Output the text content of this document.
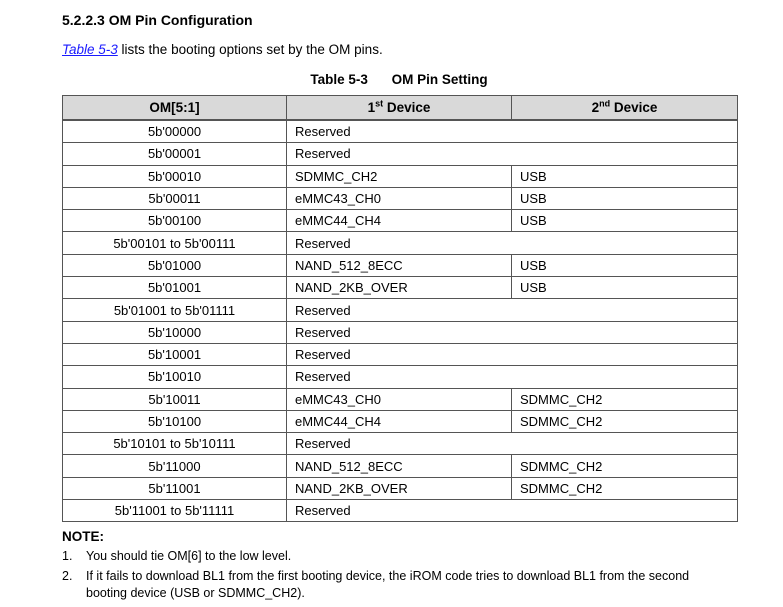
5.2.2.3 OM Pin Configuration
Table 5-3 lists the booting options set by the OM pins.
Table 5-3 OM Pin Setting
OM[5:1]	1st Device	2nd Device
5b'00000	Reserved	
5b'00001	Reserved	
5b'00010	SDMMC_CH2	USB
5b'00011	eMMC43_CH0	USB
5b'00100	eMMC44_CH4	USB
5b'00101 to 5b'00111	Reserved	
5b'01000	NAND_512_8ECC	USB
5b'01001	NAND_2KB_OVER	USB
5b'01001 to 5b'01111	Reserved	
5b'10000	Reserved	
5b'10001	Reserved	
5b'10010	Reserved	
5b'10011	eMMC43_CH0	SDMMC_CH2
5b'10100	eMMC44_CH4	SDMMC_CH2
5b'10101 to 5b'10111	Reserved	
5b'11000	NAND_512_8ECC	SDMMC_CH2
5b'11001	NAND_2KB_OVER	SDMMC_CH2
5b'11001 to 5b'11111	Reserved	
NOTE:
1. You should tie OM[6] to the low level.
2. If it fails to download BL1 from the first booting device, the iROM code tries to download BL1 from the second booting device (USB or SDMMC_CH2).
